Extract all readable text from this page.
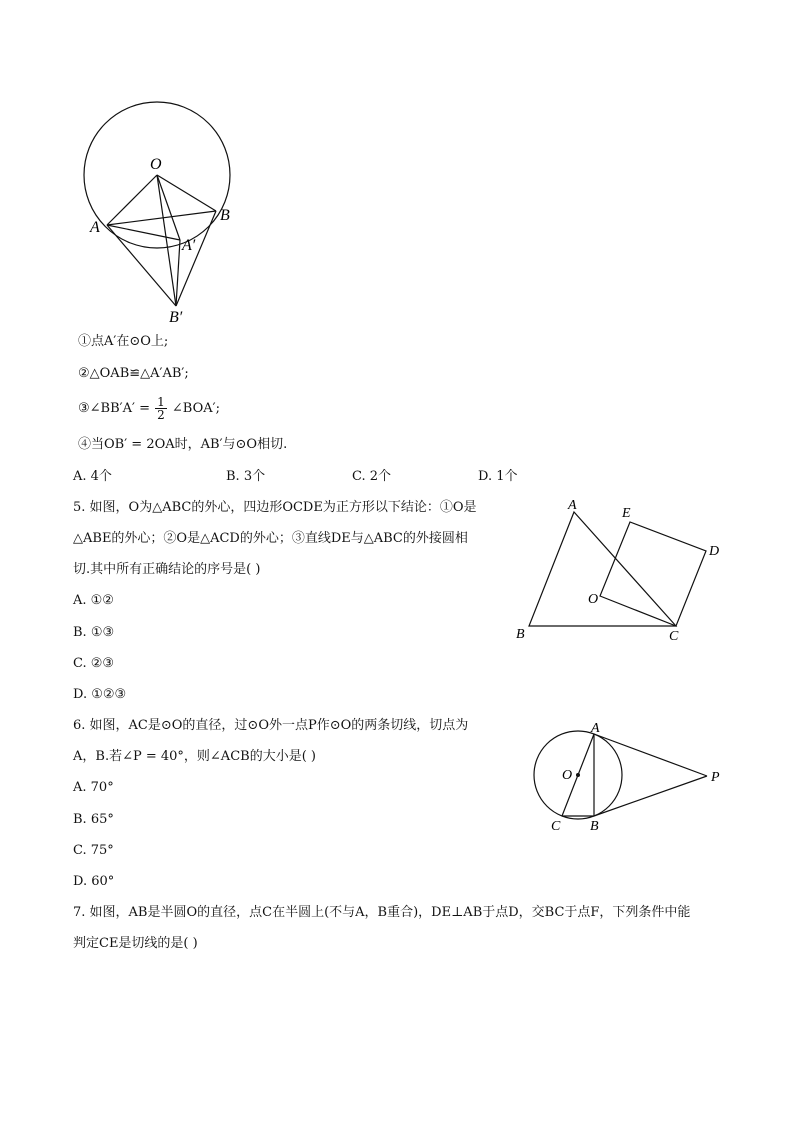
O
A
B
A′
B′
①点A′在⊙O上;
②△OAB≌△A′AB′;
③∠BB′A′ = $\frac{1}{2}$ ∠BOA′;
④当OB′ = 2OA时，AB′与⊙O相切.
A. 4个	B. 3个	C. 2个	D. 1个
5. 如图，O为△ABC的外心，四边形OCDE为正方形以下结论：①O是
△ABE的外心；②O是△ACD的外心；③直线DE与△ABC的外接圆相
切.其中所有正确结论的序号是( )
A. ①②
B. ①③
C. ②③
D. ①②③
A
B	C
D
E
O
6. 如图，AC是⊙O的直径，过⊙O外一点P作⊙O的两条切线，切点为
A，B.若∠P = 40°，则∠ACB的大小是( )
A. 70°
B. 65°
C. 75°
D. 60°
A
B
C
O	P
7. 如图，AB是半圆O的直径，点C在半圆上(不与A，B重合)，DE⊥AB于点D，交BC于点F，下列条件中能
判定CE是切线的是( )
